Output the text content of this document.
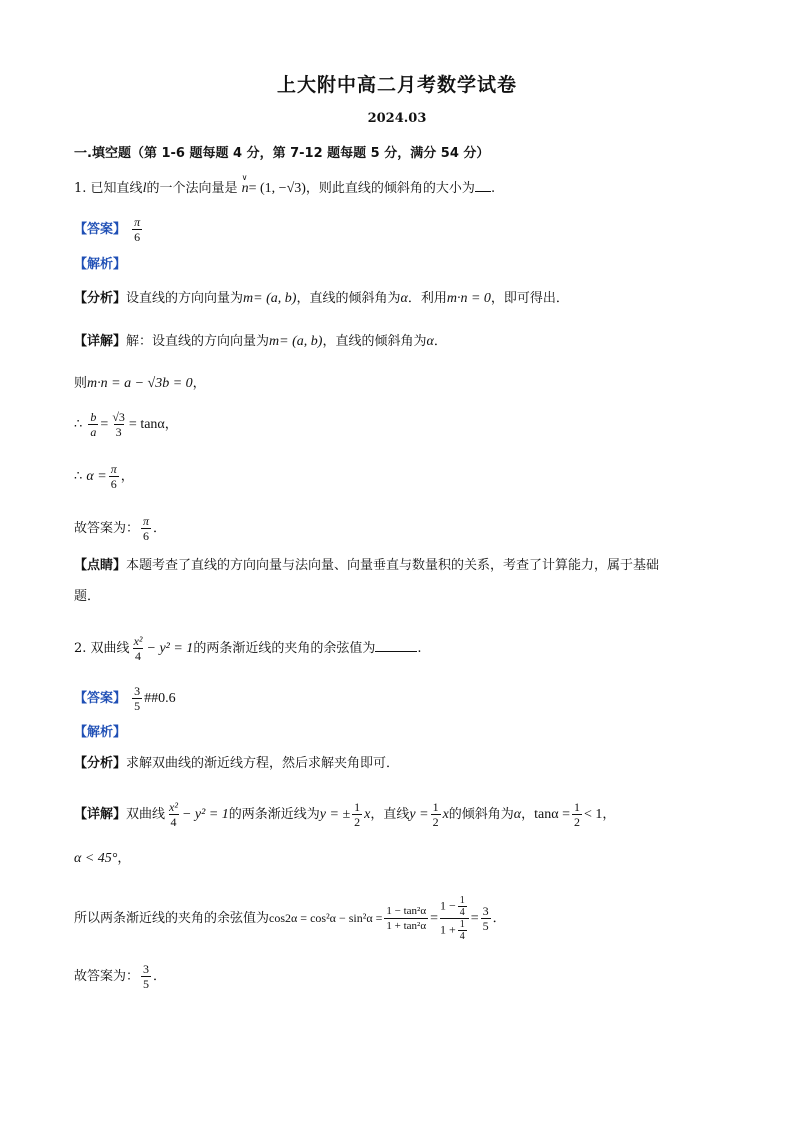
上大附中高二月考数学试卷
2024.03
一.填空题（第 1-6 题每题 4 分，第 7-12 题每题 5 分，满分 54 分）
1. 已知直线l的一个法向量是
∨
n= (1, −√3)，则此直线的倾斜角的大小为 .
【答案】 $\frac{\pi}{6}$
【解析】
【分析】设直线的方向向量为m= (a, b)，直线的倾斜角为α．利用m·n = 0，即可得出．
【详解】解：设直线的方向向量为m= (a, b)，直线的倾斜角为α．
则m·n = a − √3b = 0，
∴ $\frac{b}{a} = \frac{√3}{3} = \tan\alpha$，
∴ $\alpha = \frac{\pi}{6}$ ，
故答案为： $\frac{\pi}{6}$ ．
【点睛】本题考查了直线的方向向量与法向量、向量垂直与数量积的关系，考查了计算能力，属于基础
题．
2. 双曲线 $\frac{\text{x²}}{4} - y^2 = 1$的两条渐近线的夹角的余弦值为	.
【答案】 $\frac{3}{5}$ ##0.6
【解析】
【分析】求解双曲线的渐近线方程，然后求解夹角即可．
【详解】双曲线 $\frac{\text{x²}}{4} - y^2 = 1$的两条渐近线为y = ± $\frac{1}{2}$ x，直线$y = \frac{1}{2}$ x的倾斜角为α，$\tan\alpha = \frac{1}{2} < 1$，
α < 45°，
所以两条渐近线的夹角的余弦值为$\cos 2\alpha = \cos^2\alpha - \sin^2\alpha = \frac{\text{1 − tan²α}}{\text{1 + tan²α}} = \frac{1 - \frac{1}{4}}{1 + \frac{1}{4}} = \frac{3}{5}$ ．
故答案为： $\frac{3}{5}$ ．
